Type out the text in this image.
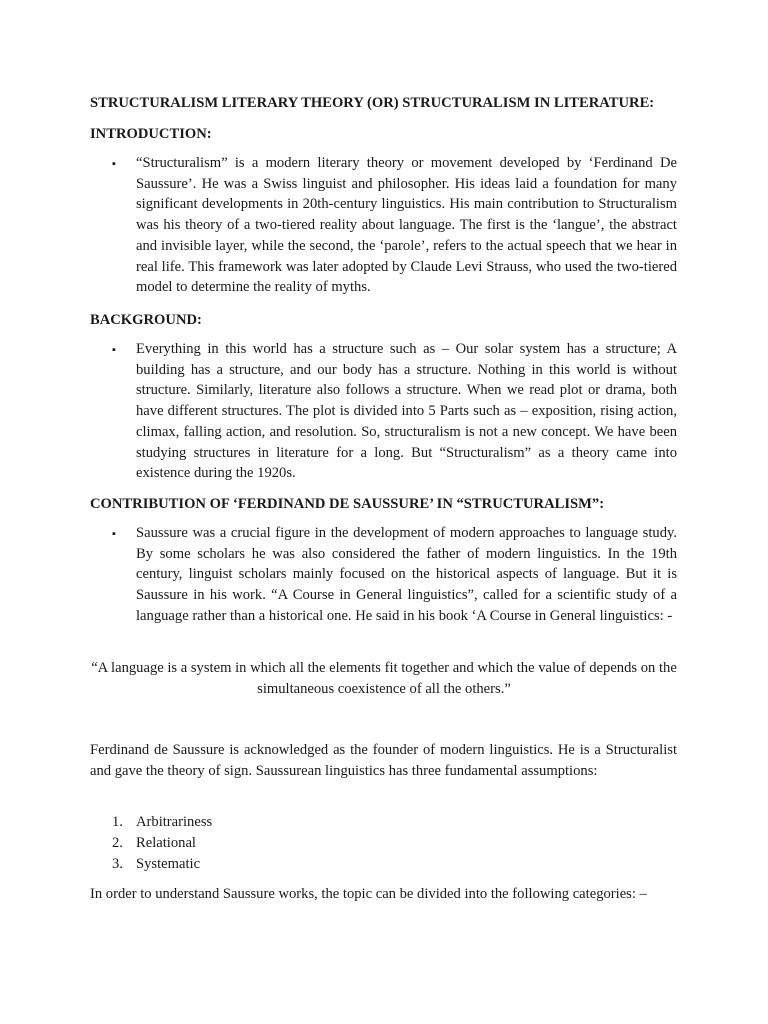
STRUCTURALISM LITERARY THEORY (OR) STRUCTURALISM IN LITERATURE:
INTRODUCTION:
▪ “Structuralism” is a modern literary theory or movement developed by ‘Ferdinand De Saussure’. He was a Swiss linguist and philosopher. His ideas laid a foundation for many significant developments in 20th-century linguistics. His main contribution to Structuralism was his theory of a two-tiered reality about language. The first is the ‘langue’, the abstract and invisible layer, while the second, the ‘parole’, refers to the actual speech that we hear in real life. This framework was later adopted by Claude Levi Strauss, who used the two-tiered model to determine the reality of myths.
BACKGROUND:
▪ Everything in this world has a structure such as – Our solar system has a structure; A building has a structure, and our body has a structure. Nothing in this world is without structure. Similarly, literature also follows a structure. When we read plot or drama, both have different structures. The plot is divided into 5 Parts such as – exposition, rising action, climax, falling action, and resolution. So, structuralism is not a new concept. We have been studying structures in literature for a long. But “Structuralism” as a theory came into existence during the 1920s.
CONTRIBUTION OF ‘FERDINAND DE SAUSSURE’ IN “STRUCTURALISM”:
▪ Saussure was a crucial figure in the development of modern approaches to language study. By some scholars he was also considered the father of modern linguistics. In the 19th century, linguist scholars mainly focused on the historical aspects of language. But it is Saussure in his work. “A Course in General linguistics”, called for a scientific study of a language rather than a historical one. He said in his book ‘A Course in General linguistics: -
“A language is a system in which all the elements fit together and which the value of depends on the simultaneous coexistence of all the others.”
Ferdinand de Saussure is acknowledged as the founder of modern linguistics. He is a Structuralist and gave the theory of sign. Saussurean linguistics has three fundamental assumptions:
1. Arbitrariness
2. Relational
3. Systematic
In order to understand Saussure works, the topic can be divided into the following categories: –
